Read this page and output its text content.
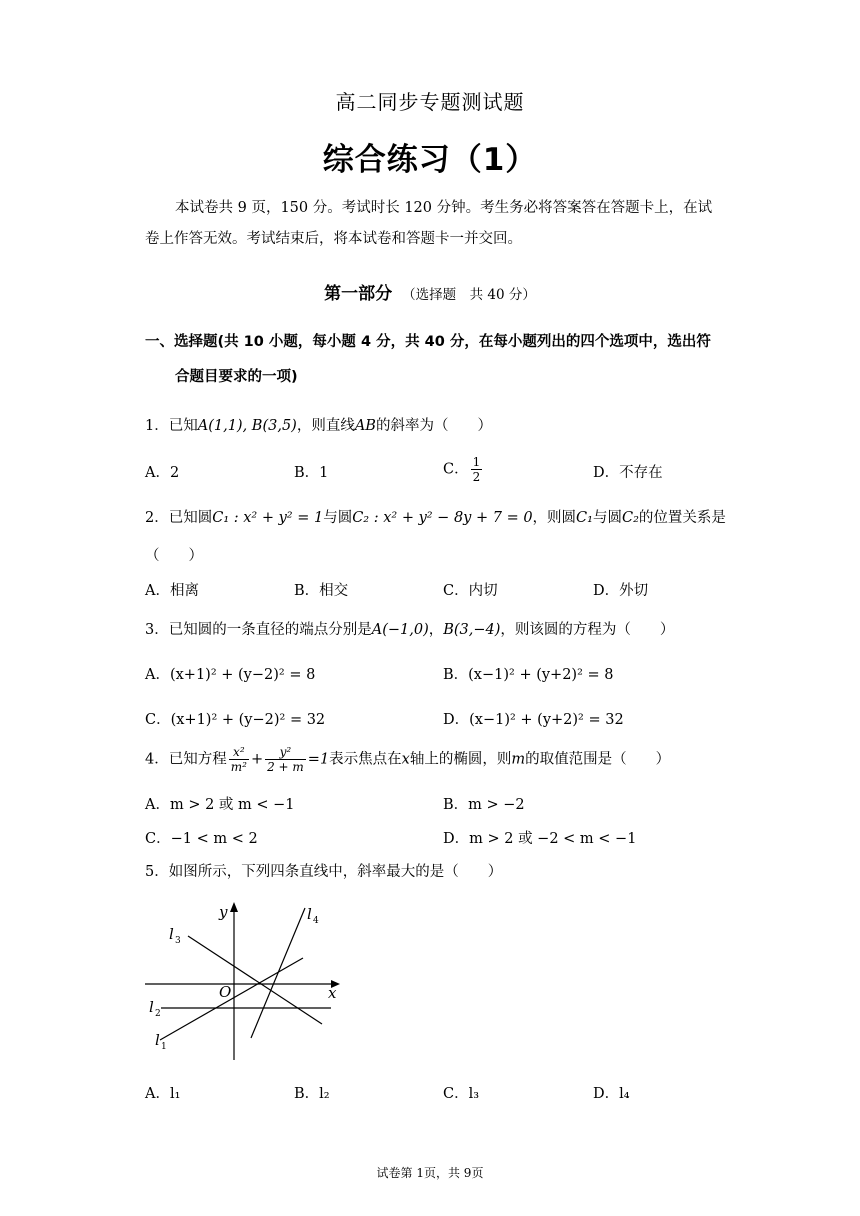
高二同步专题测试题
综合练习（1）
本试卷共 9 页，150 分。考试时长 120 分钟。考生务必将答案答在答题卡上，在试
卷上作答无效。考试结束后，将本试卷和答题卡一并交回。
第一部分 （选择题　共 40 分）
一、选择题(共 10 小题，每小题 4 分，共 40 分，在每小题列出的四个选项中，选出符
合题目要求的一项)
1．已知A(1,1), B(3,5)，则直线AB的斜率为（　　）
A．2	B．1	C． $\frac{1}{2}$	D．不存在
2．已知圆C₁ : x² + y² = 1与圆C₂ : x² + y² − 8y + 7 = 0，则圆C₁与圆C₂的位置关系是
（　　）
A．相离	B．相交	C．内切	D．外切
3．已知圆的一条直径的端点分别是A(−1,0)，B(3,−4)，则该圆的方程为（　　）
A．(x+1)² + (y−2)² = 8	B．(x−1)² + (y+2)² = 8
C．(x+1)² + (y−2)² = 32	D．(x−1)² + (y+2)² = 32
4．已知方程 $\frac{\text{x²}}{\text{m²}} + \frac{\text{y²}}{2 + m} =1$表示焦点在x轴上的椭圆，则m的取值范围是（　　）
A．m > 2 或 m < −1	B．m > −2
C．−1 < m < 2	D．m > 2 或 −2 < m < −1
5．如图所示，下列四条直线中，斜率最大的是（　　）
y
x
O
l 1
l 2
l 3
l 4
A．l₁	B．l₂	C．l₃	D．l₄
试卷第 1页，共 9页
